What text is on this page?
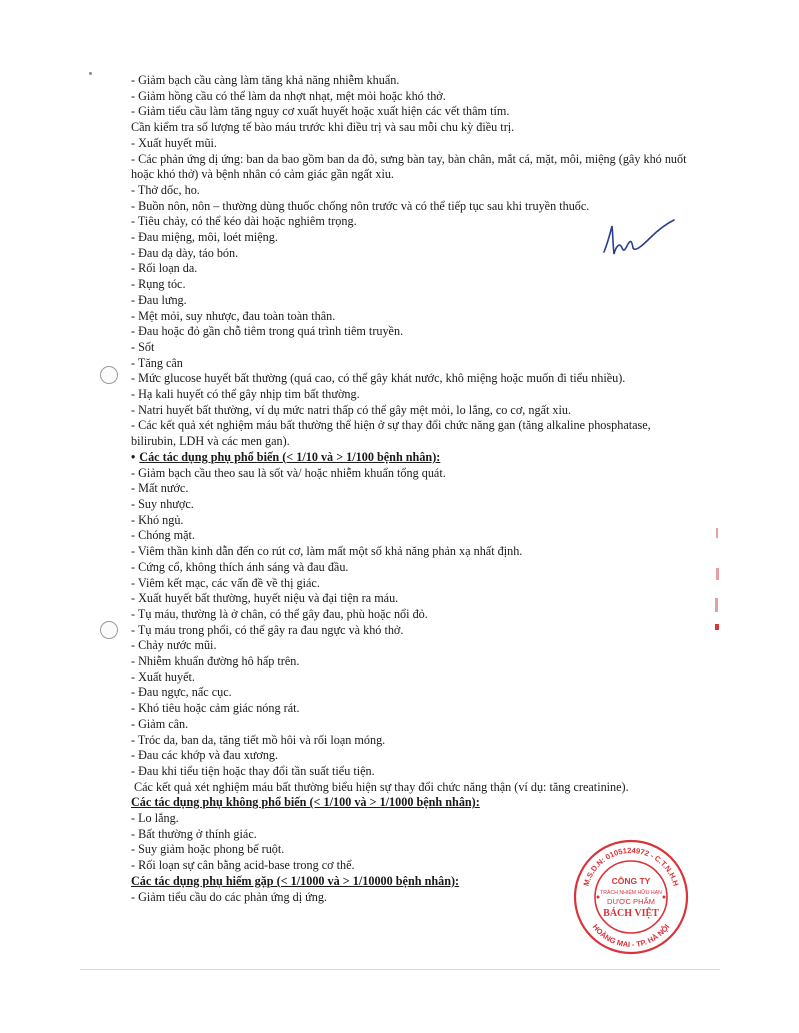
- Giảm bạch cầu càng làm tăng khả năng nhiễm khuẩn.
- Giảm hồng cầu có thể làm da nhợt nhạt, mệt mỏi hoặc khó thở.
- Giảm tiểu cầu làm tăng nguy cơ xuất huyết hoặc xuất hiện các vết thâm tím.
Cần kiểm tra số lượng tế bào máu trước khi điều trị và sau mỗi chu kỳ điều trị.
- Xuất huyết mũi.
- Các phản ứng dị ứng: ban da bao gồm ban da đỏ, sưng bàn tay, bàn chân, mắt cá, mặt, môi, miệng (gây khó nuốt hoặc khó thở) và bệnh nhân có cảm giác gần ngất xỉu.
- Thở dốc, ho.
- Buồn nôn, nôn – thường dùng thuốc chống nôn trước và có thể tiếp tục sau khi truyền thuốc.
- Tiêu chảy, có thể kéo dài hoặc nghiêm trọng.
- Đau miệng, môi, loét miệng.
- Đau dạ dày, táo bón.
- Rối loạn da.
- Rụng tóc.
- Đau lưng.
- Mệt mỏi, suy nhược, đau toàn toàn thân.
- Đau hoặc đỏ gần chỗ tiêm trong quá trình tiêm truyền.
- Sốt
- Tăng cân
- Mức glucose huyết bất thường (quá cao, có thể gây khát nước, khô miệng hoặc muốn đi tiểu nhiều).
- Hạ kali huyết có thể gây nhịp tim bất thường.
- Natri huyết bất thường, ví dụ mức natri thấp có thể gây mệt mỏi, lo lắng, co cơ, ngất xỉu.
- Các kết quả xét nghiệm máu bất thường thể hiện ở sự thay đổi chức năng gan (tăng alkaline phosphatase, bilirubin, LDH và các men gan).
• Các tác dụng phụ phổ biến (< 1/10 và > 1/100 bệnh nhân):
- Giảm bạch cầu theo sau là sốt và/ hoặc nhiễm khuẩn tổng quát.
- Mất nước.
- Suy nhược.
- Khó ngủ.
- Chóng mặt.
- Viêm thần kinh dẫn đến co rút cơ, làm mất một số khả năng phản xạ nhất định.
- Cứng cổ, không thích ánh sáng và đau đầu.
- Viêm kết mạc, các vấn đề về thị giác.
- Xuất huyết bất thường, huyết niệu và đại tiện ra máu.
- Tụ máu, thường là ở chân, có thể gây đau, phù hoặc nổi đỏ.
- Tụ máu trong phổi, có thể gây ra đau ngực và khó thở.
- Chảy nước mũi.
- Nhiễm khuẩn đường hô hấp trên.
- Xuất huyết.
- Đau ngực, nấc cục.
- Khó tiêu hoặc cảm giác nóng rát.
- Giảm cân.
- Tróc da, ban da, tăng tiết mồ hôi và rối loạn móng.
- Đau các khớp và đau xương.
- Đau khi tiểu tiện hoặc thay đổi tần suất tiểu tiện.
Các kết quả xét nghiệm máu bất thường biểu hiện sự thay đổi chức năng thận (ví dụ: tăng creatinine).
Các tác dụng phụ không phổ biến (< 1/100 và > 1/1000 bệnh nhân):
- Lo lắng.
- Bất thường ở thính giác.
- Suy giảm hoặc phong bế ruột.
- Rối loạn sự cân bằng acid-base trong cơ thể.
Các tác dụng phụ hiếm gặp (< 1/1000 và > 1/10000 bệnh nhân):
- Giảm tiểu cầu do các phản ứng dị ứng.
M.S.D.N: 0105124972 - C.T.N.H.H
HOÀNG MAI - TP. HÀ NỘI
CÔNG TY
TRÁCH NHIỆM HỮU HẠN
DƯỢC PHẨM
BÁCH VIỆT
